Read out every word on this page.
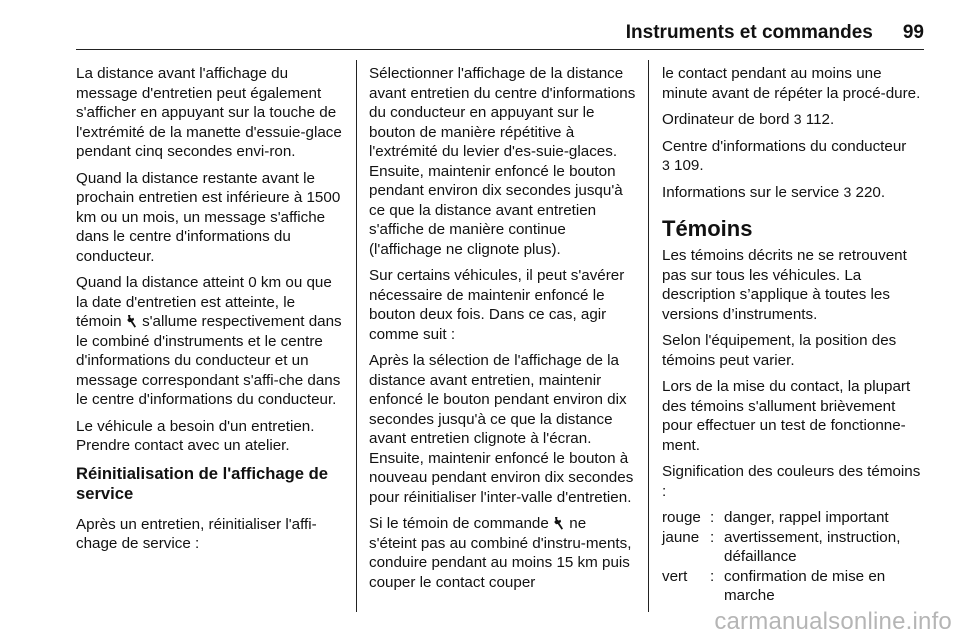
Instruments et commandes 99

La distance avant l'affichage du message d'entretien peut également s'afficher en appuyant sur la touche de l'extrémité de la manette d'essuie-glace pendant cinq secondes envi-ron.

Quand la distance restante avant le prochain entretien est inférieure à 1500 km ou un mois, un message s'affiche dans le centre d'informations du conducteur.

Quand la distance atteint 0 km ou que la date d'entretien est atteinte, le témoin s'allume respectivement dans le combiné d'instruments et le centre d'informations du conducteur et un message correspondant s'affi-che dans le centre d'informations du conducteur.

Le véhicule a besoin d'un entretien. Prendre contact avec un atelier.

Réinitialisation de l'affichage de service

Après un entretien, réinitialiser l'affi-chage de service :

Sélectionner l'affichage de la distance avant entretien du centre d'informations du conducteur en appuyant sur le bouton de manière répétitive à l'extrémité du levier d'es-suie-glaces. Ensuite, maintenir enfoncé le bouton pendant environ dix secondes jusqu'à ce que la distance avant entretien s'affiche de manière continue (l'affichage ne clignote plus).

Sur certains véhicules, il peut s'avérer nécessaire de maintenir enfoncé le bouton deux fois. Dans ce cas, agir comme suit :

Après la sélection de l'affichage de la distance avant entretien, maintenir enfoncé le bouton pendant environ dix secondes jusqu'à ce que la distance avant entretien clignote à l'écran. Ensuite, maintenir enfoncé le bouton à nouveau pendant environ dix secondes pour réinitialiser l'inter-valle d'entretien.

Si le témoin de commande ne s'éteint pas au combiné d'instru-ments, conduire pendant au moins 15 km puis couper le contact couper

le contact pendant au moins une minute avant de répéter la procé-dure.

Ordinateur de bord 3 112.

Centre d'informations du conducteur
3 109.

Informations sur le service 3 220.

Témoins

Les témoins décrits ne se retrouvent pas sur tous les véhicules. La description s’applique à toutes les versions d’instruments.

Selon l'équipement, la position des témoins peut varier.

Lors de la mise du contact, la plupart des témoins s'allument brièvement pour effectuer un test de fonctionne-ment.

Signification des couleurs des témoins :

rouge	:	danger, rappel important
jaune	:	avertissement, instruction, défaillance
vert	:	confirmation de mise en marche
carmanualsonline.info
